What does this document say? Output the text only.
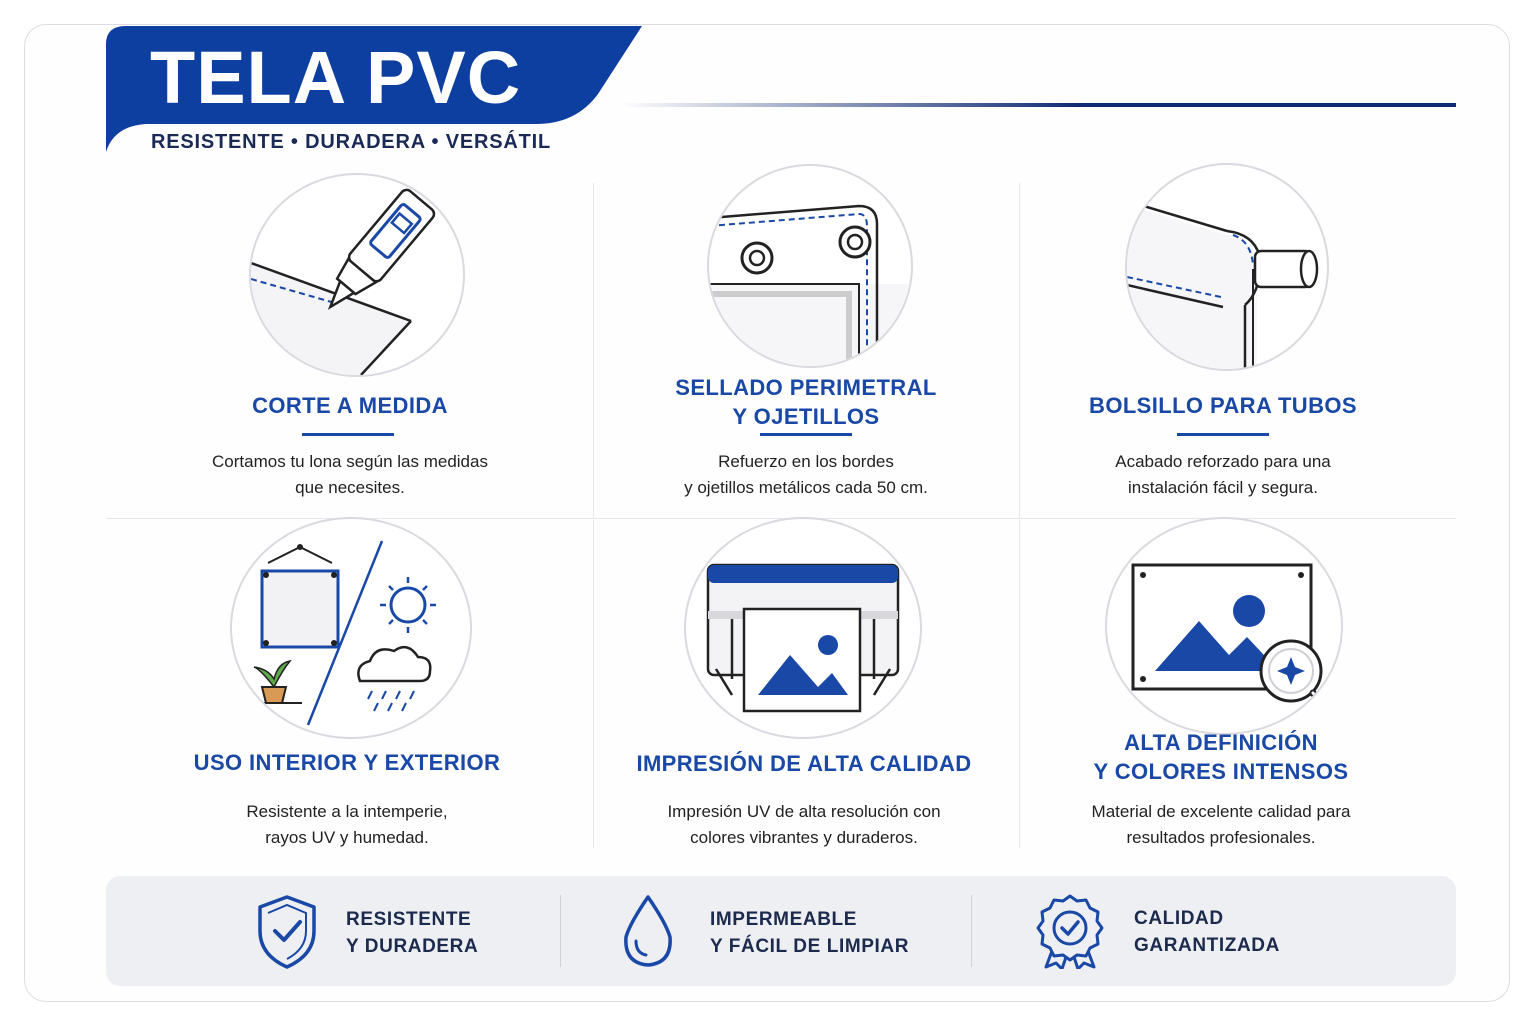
TELA PVC
RESISTENTE • DURADERA • VERSÁTIL
CORTE A MEDIDA
Cortamos tu lona según las medidas
que necesites.
SELLADO PERIMETRAL
Y OJETILLOS
Refuerzo en los bordes
y ojetillos metálicos cada 50 cm.
BOLSILLO PARA TUBOS
Acabado reforzado para una
instalación fácil y segura.
USO INTERIOR Y EXTERIOR
Resistente a la intemperie,
rayos UV y humedad.
IMPRESIÓN DE ALTA CALIDAD
Impresión UV de alta resolución con
colores vibrantes y duraderos.
ALTA DEFINICIÓN
Y COLORES INTENSOS
Material de excelente calidad para
resultados profesionales.
RESISTENTE
Y DURADERA
IMPERMEABLE
Y FÁCIL DE LIMPIAR
CALIDAD
GARANTIZADA
